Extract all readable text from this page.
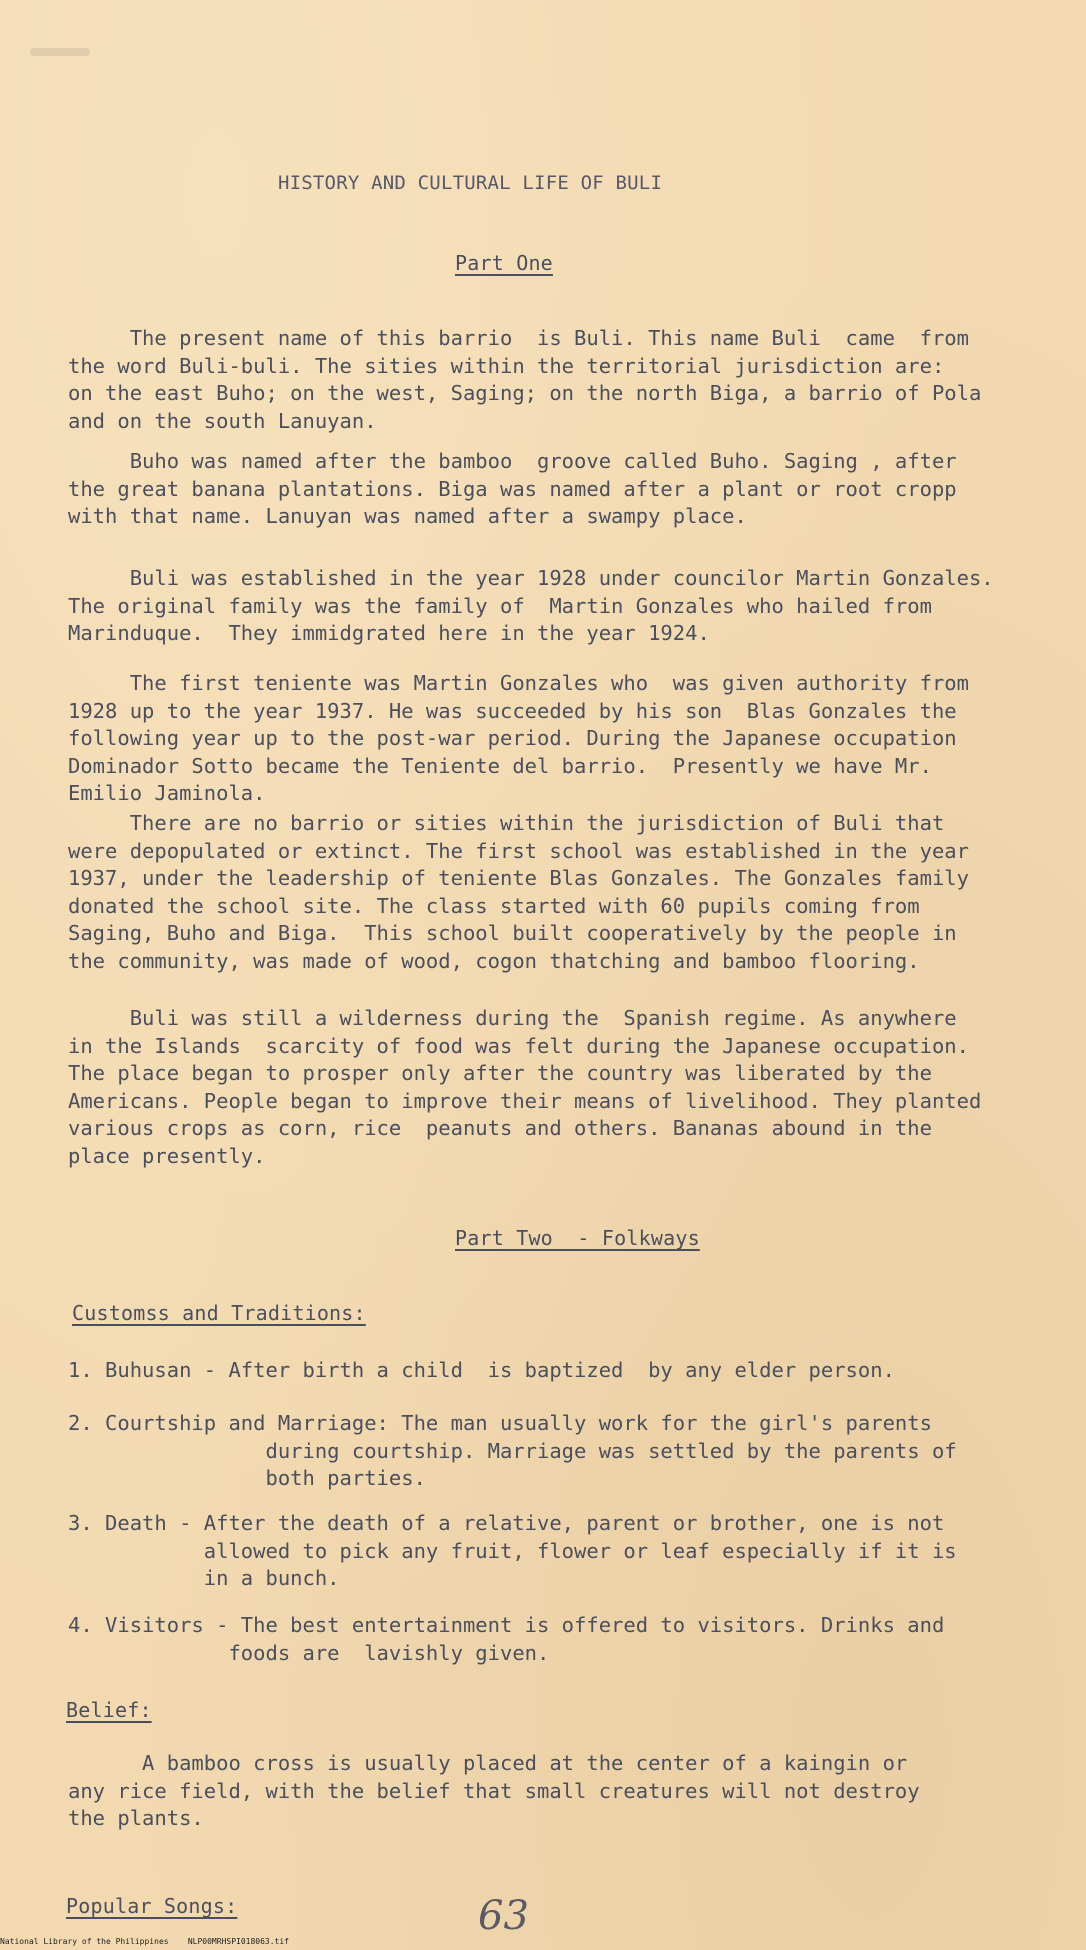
HISTORY AND CULTURAL LIFE OF BULI
Part One
The present name of this barrio  is Buli. This name Buli  came  from
the word Buli-buli. The sities within the territorial jurisdiction are:
on the east Buho; on the west, Saging; on the north Biga, a barrio of Pola
and on the south Lanuyan.
Buho was named after the bamboo  groove called Buho. Saging , after
the great banana plantations. Biga was named after a plant or root cropp
with that name. Lanuyan was named after a swampy place.
Buli was established in the year 1928 under councilor Martin Gonzales.
The original family was the family of  Martin Gonzales who hailed from
Marinduque.  They immidgrated here in the year 1924.
The first teniente was Martin Gonzales who  was given authority from
1928 up to the year 1937. He was succeeded by his son  Blas Gonzales the
following year up to the post-war period. During the Japanese occupation
Dominador Sotto became the Teniente del barrio.  Presently we have Mr.
Emilio Jaminola.
There are no barrio or sities within the jurisdiction of Buli that
were depopulated or extinct. The first school was established in the year
1937, under the leadership of teniente Blas Gonzales. The Gonzales family
donated the school site. The class started with 60 pupils coming from
Saging, Buho and Biga.  This school built cooperatively by the people in
the community, was made of wood, cogon thatching and bamboo flooring.
Buli was still a wilderness during the  Spanish regime. As anywhere
in the Islands  scarcity of food was felt during the Japanese occupation.
The place began to prosper only after the country was liberated by the
Americans. People began to improve their means of livelihood. They planted
various crops as corn, rice  peanuts and others. Bananas abound in the
place presently.
Part Two  - Folkways
Customss and Traditions:
1. Buhusan - After birth a child  is baptized  by any elder person.
2. Courtship and Marriage: The man usually work for the girl's parents
during courtship. Marriage was settled by the parents of
both parties.
3. Death - After the death of a relative, parent or brother, one is not
allowed to pick any fruit, flower or leaf especially if it is
in a bunch.
4. Visitors - The best entertainment is offered to visitors. Drinks and
foods are  lavishly given.
Belief:
A bamboo cross is usually placed at the center of a kaingin or
any rice field, with the belief that small creatures will not destroy
the plants.
Popular Songs:	63
National Library of the Philippines    NLP00MRHSPI018063.tif
